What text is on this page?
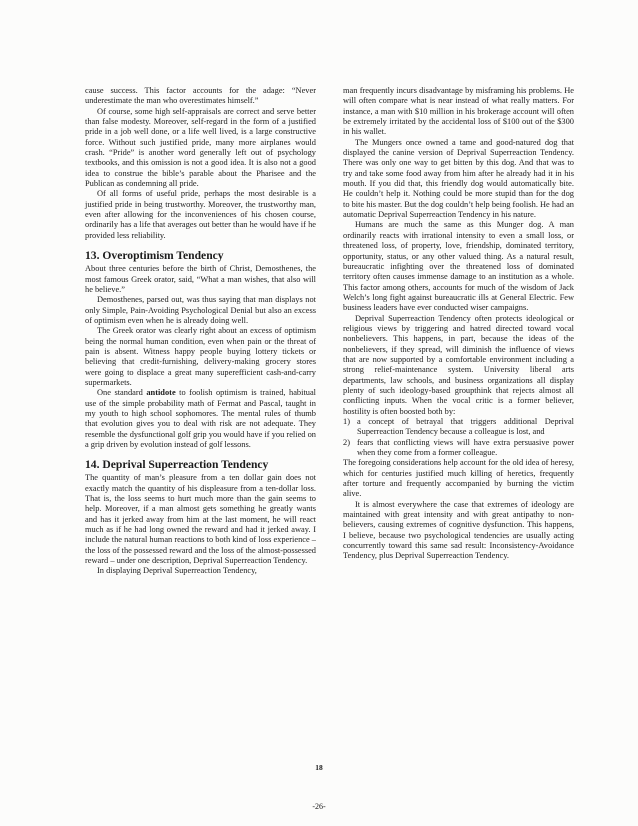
cause success. This factor accounts for the adage: “Never underestimate the man who overestimates himself.”

Of course, some high self-appraisals are correct and serve better than false modesty. Moreover, self-regard in the form of a justified pride in a job well done, or a life well lived, is a large constructive force. Without such justified pride, many more airplanes would crash. “Pride” is another word generally left out of psychology textbooks, and this omission is not a good idea. It is also not a good idea to construe the bible’s parable about the Pharisee and the Publican as condemning all pride.

Of all forms of useful pride, perhaps the most desirable is a justified pride in being trustworthy. Moreover, the trustworthy man, even after allowing for the inconveniences of his chosen course, ordinarily has a life that averages out better than he would have if he provided less reliability.

13. Overoptimism Tendency

About three centuries before the birth of Christ, Demosthenes, the most famous Greek orator, said, “What a man wishes, that also will he believe.”

Demosthenes, parsed out, was thus saying that man displays not only Simple, Pain-Avoiding Psychological Denial but also an excess of optimism even when he is already doing well.

The Greek orator was clearly right about an excess of optimism being the normal human condition, even when pain or the threat of pain is absent. Witness happy people buying lottery tickets or believing that credit-furnishing, delivery-making grocery stores were going to displace a great many superefficient cash-and-carry supermarkets.

One standard antidote to foolish optimism is trained, habitual use of the simple probability math of Fermat and Pascal, taught in my youth to high school sophomores. The mental rules of thumb that evolution gives you to deal with risk are not adequate. They resemble the dysfunctional golf grip you would have if you relied on a grip driven by evolution instead of golf lessons.

14. Deprival Superreaction Tendency

The quantity of man’s pleasure from a ten dollar gain does not exactly match the quantity of his displeasure from a ten-dollar loss. That is, the loss seems to hurt much more than the gain seems to help. Moreover, if a man almost gets something he greatly wants and has it jerked away from him at the last moment, he will react much as if he had long owned the reward and had it jerked away. I include the natural human reactions to both kind of loss experience – the loss of the possessed reward and the loss of the almost-possessed reward – under one description, Deprival Superreaction Tendency.

In displaying Deprival Superreaction Tendency,

man frequently incurs disadvantage by misframing his problems. He will often compare what is near instead of what really matters. For instance, a man with $10 million in his brokerage account will often be extremely irritated by the accidental loss of $100 out of the $300 in his wallet.

The Mungers once owned a tame and good-natured dog that displayed the canine version of Deprival Superreaction Tendency. There was only one way to get bitten by this dog. And that was to try and take some food away from him after he already had it in his mouth. If you did that, this friendly dog would automatically bite. He couldn’t help it. Nothing could be more stupid than for the dog to bite his master. But the dog couldn’t help being foolish. He had an automatic Deprival Superreaction Tendency in his nature.

Humans are much the same as this Munger dog. A man ordinarily reacts with irrational intensity to even a small loss, or threatened loss, of property, love, friendship, dominated territory, opportunity, status, or any other valued thing. As a natural result, bureaucratic infighting over the threatened loss of dominated territory often causes immense damage to an institution as a whole. This factor among others, accounts for much of the wisdom of Jack Welch’s long fight against bureaucratic ills at General Electric. Few business leaders have ever conducted wiser campaigns.

Deprival Superreaction Tendency often protects ideological or religious views by triggering and hatred directed toward vocal nonbelievers. This happens, in part, because the ideas of the nonbelievers, if they spread, will diminish the influence of views that are now supported by a comfortable environment including a strong relief-maintenance system. University liberal arts departments, law schools, and business organizations all display plenty of such ideology-based groupthink that rejects almost all conflicting inputs. When the vocal critic is a former believer, hostility is often boosted both by:

1) a concept of betrayal that triggers additional Deprival Superreaction Tendency because a colleague is lost, and
2) fears that conflicting views will have extra persuasive power when they come from a former colleague.

The foregoing considerations help account for the old idea of heresy, which for centuries justified much killing of heretics, frequently after torture and frequently accompanied by burning the victim alive.

It is almost everywhere the case that extremes of ideology are maintained with great intensity and with great antipathy to non-believers, causing extremes of cognitive dysfunction. This happens, I believe, because two psychological tendencies are usually acting concurrently toward this same sad result: Inconsistency-Avoidance Tendency, plus Deprival Superreaction Tendency.

18
-26-
